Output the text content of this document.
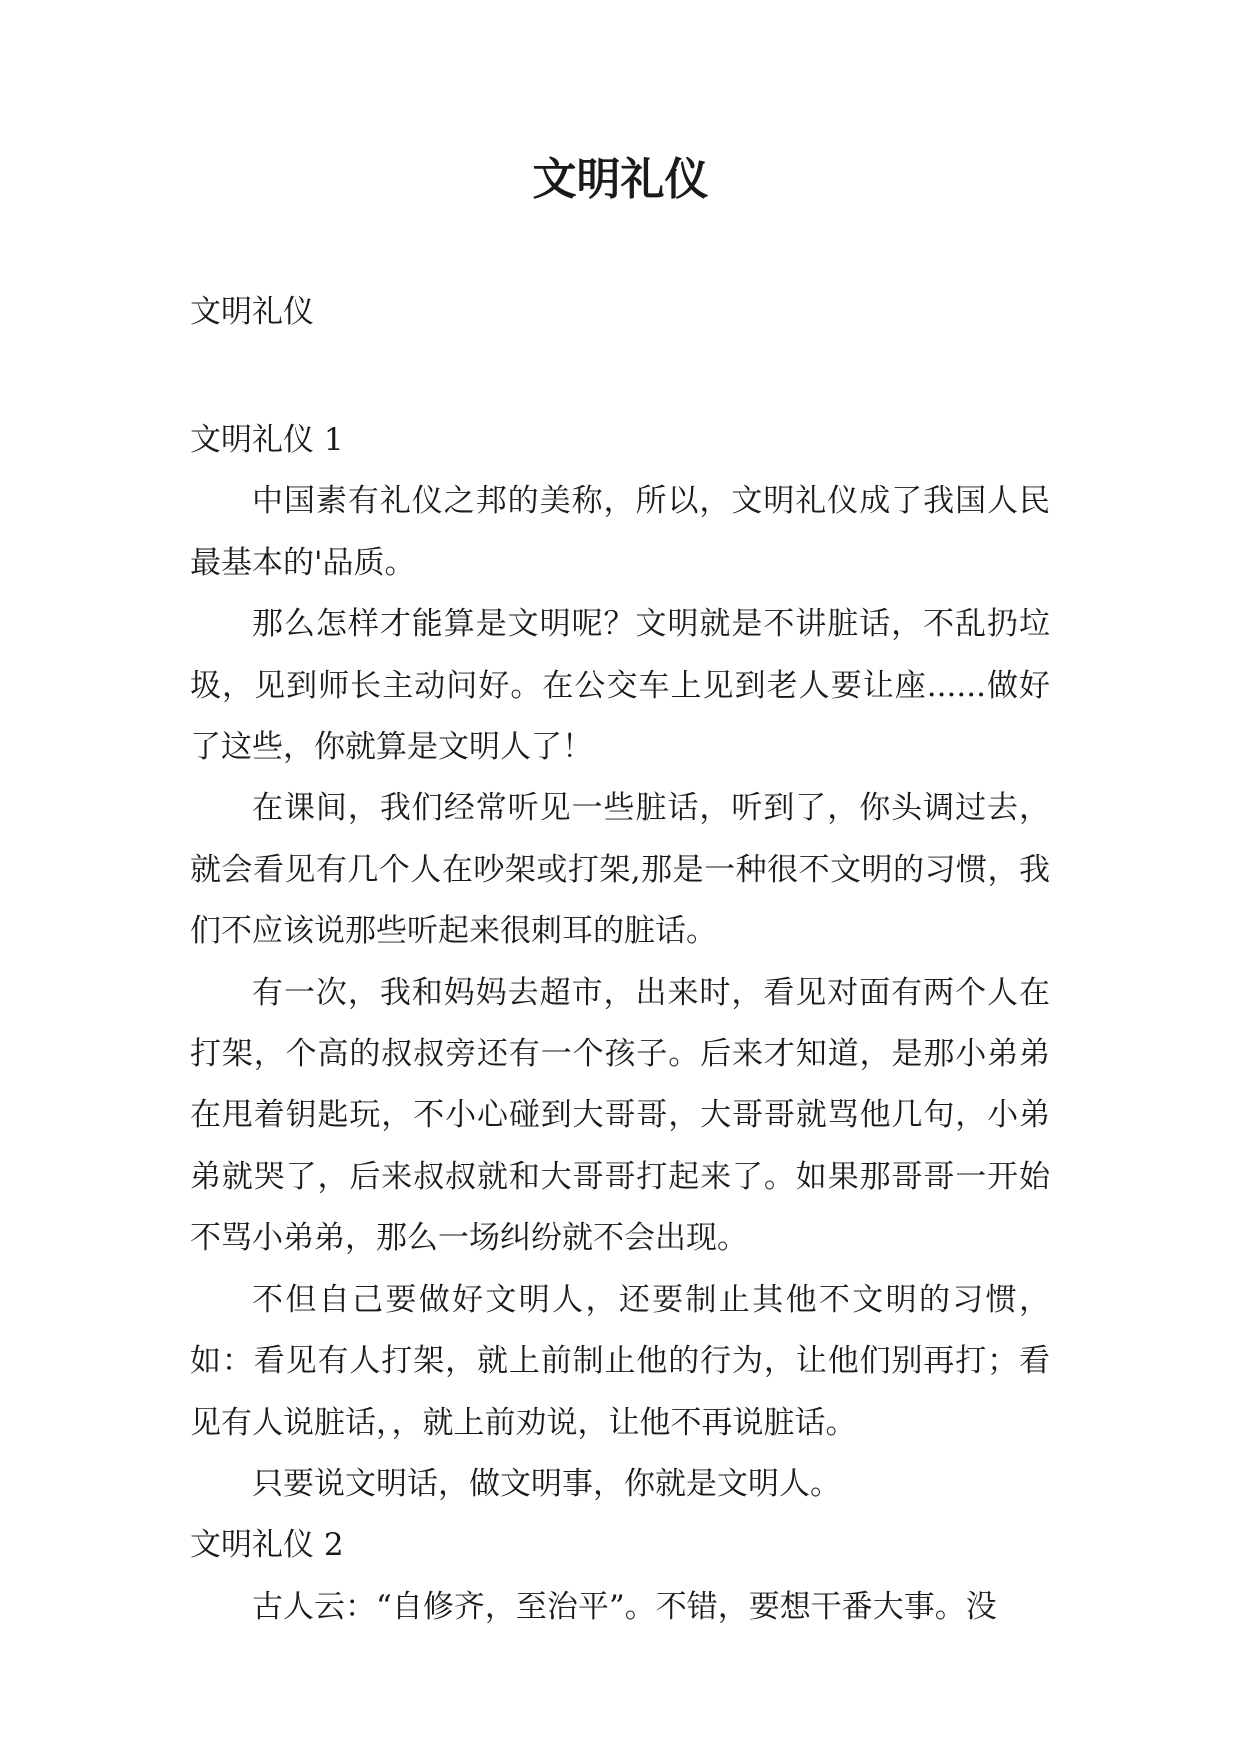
文明礼仪
文明礼仪
文明礼仪 1

中国素有礼仪之邦的美称，所以，文明礼仪成了我国人民最基本的'品质。

那么怎样才能算是文明呢？文明就是不讲脏话，不乱扔垃圾，见到师长主动问好。在公交车上见到老人要让座......做好了这些，你就算是文明人了！

在课间，我们经常听见一些脏话，听到了，你头调过去，就会看见有几个人在吵架或打架,那是一种很不文明的习惯，我们不应该说那些听起来很刺耳的脏话。

有一次，我和妈妈去超市，出来时，看见对面有两个人在打架，个高的叔叔旁还有一个孩子。后来才知道，是那小弟弟在甩着钥匙玩，不小心碰到大哥哥，大哥哥就骂他几句，小弟弟就哭了，后来叔叔就和大哥哥打起来了。如果那哥哥一开始不骂小弟弟，那么一场纠纷就不会出现。

不但自己要做好文明人，还要制止其他不文明的习惯，如：看见有人打架，就上前制止他的行为，让他们别再打；看见有人说脏话，，就上前劝说，让他不再说脏话。

只要说文明话，做文明事，你就是文明人。

文明礼仪 2

古人云：“自修齐，至治平”。不错，要想干番大事。没
